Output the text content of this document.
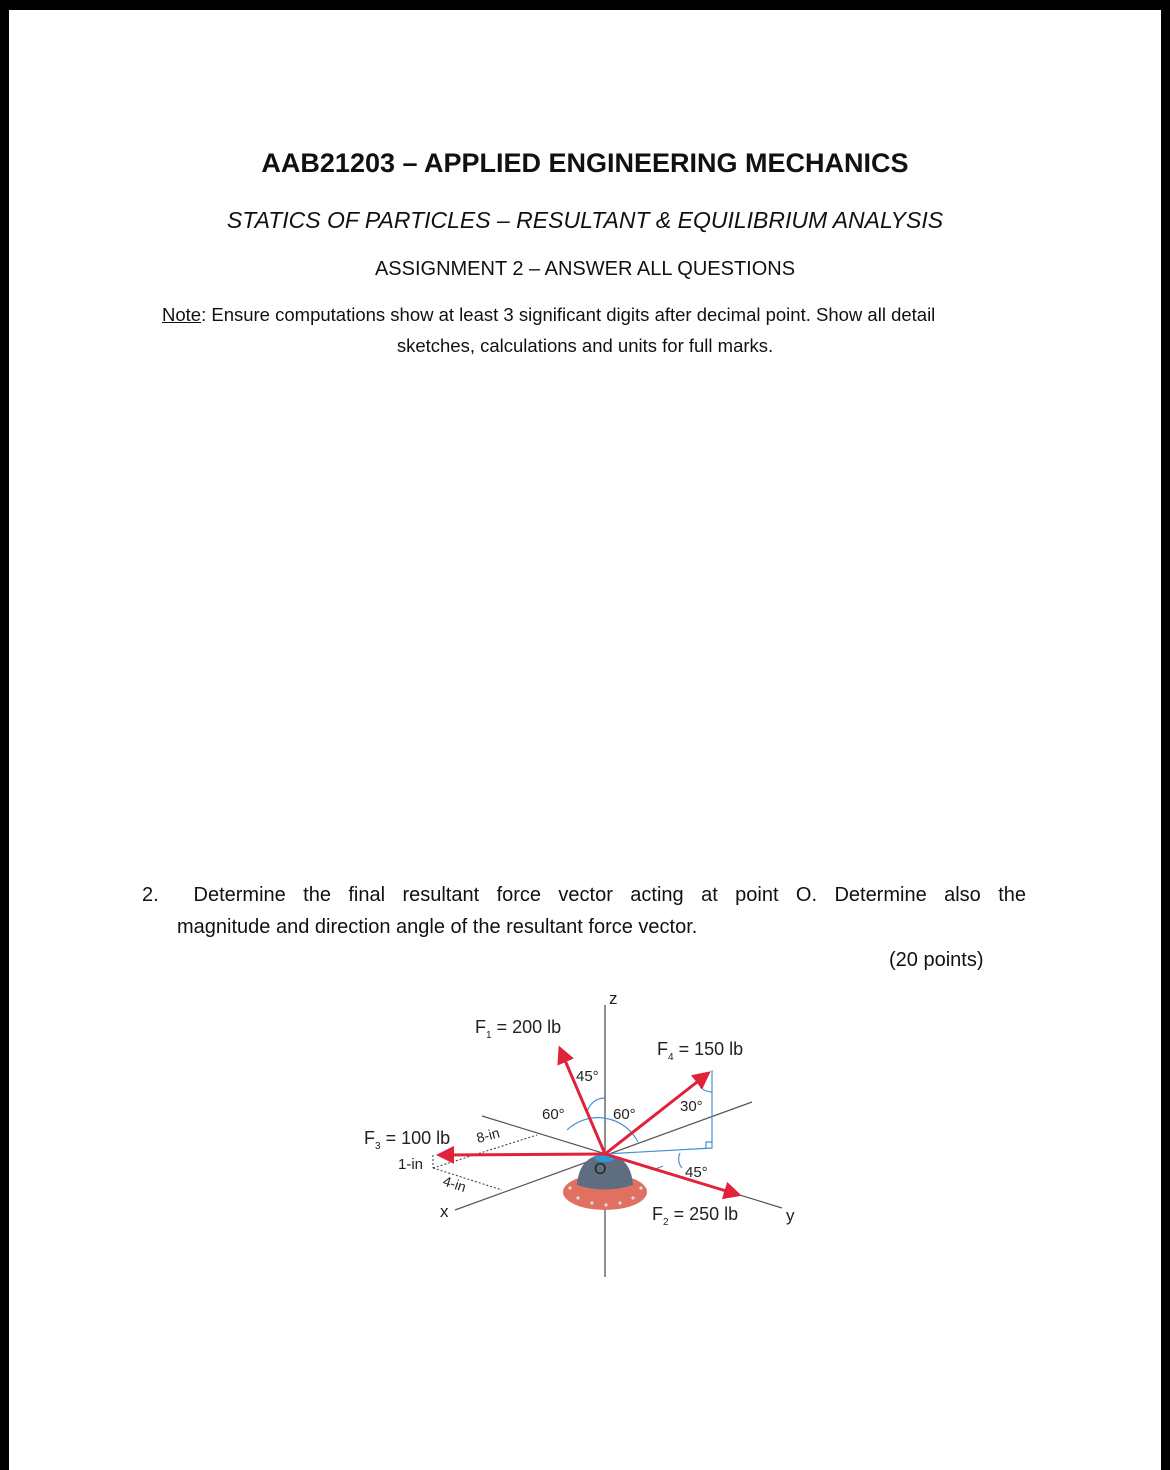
AAB21203 – APPLIED ENGINEERING MECHANICS
STATICS OF PARTICLES – RESULTANT & EQUILIBRIUM ANALYSIS
ASSIGNMENT 2 – ANSWER ALL QUESTIONS
Note: Ensure computations show at least 3 significant digits after decimal point. Show all detail
sketches, calculations and units for full marks.
2. Determine the final resultant force vector acting at point O. Determine also the
magnitude and direction angle of the resultant force vector.
(20 points)
z
x	y
O
$F_1 = 200$ lb
$F_4 = 150$ lb
$F_3 = 100$ lb
$F_2 = 250$ lb
45°
60°	60°	30°
45°
8-in
1-in
4-in
